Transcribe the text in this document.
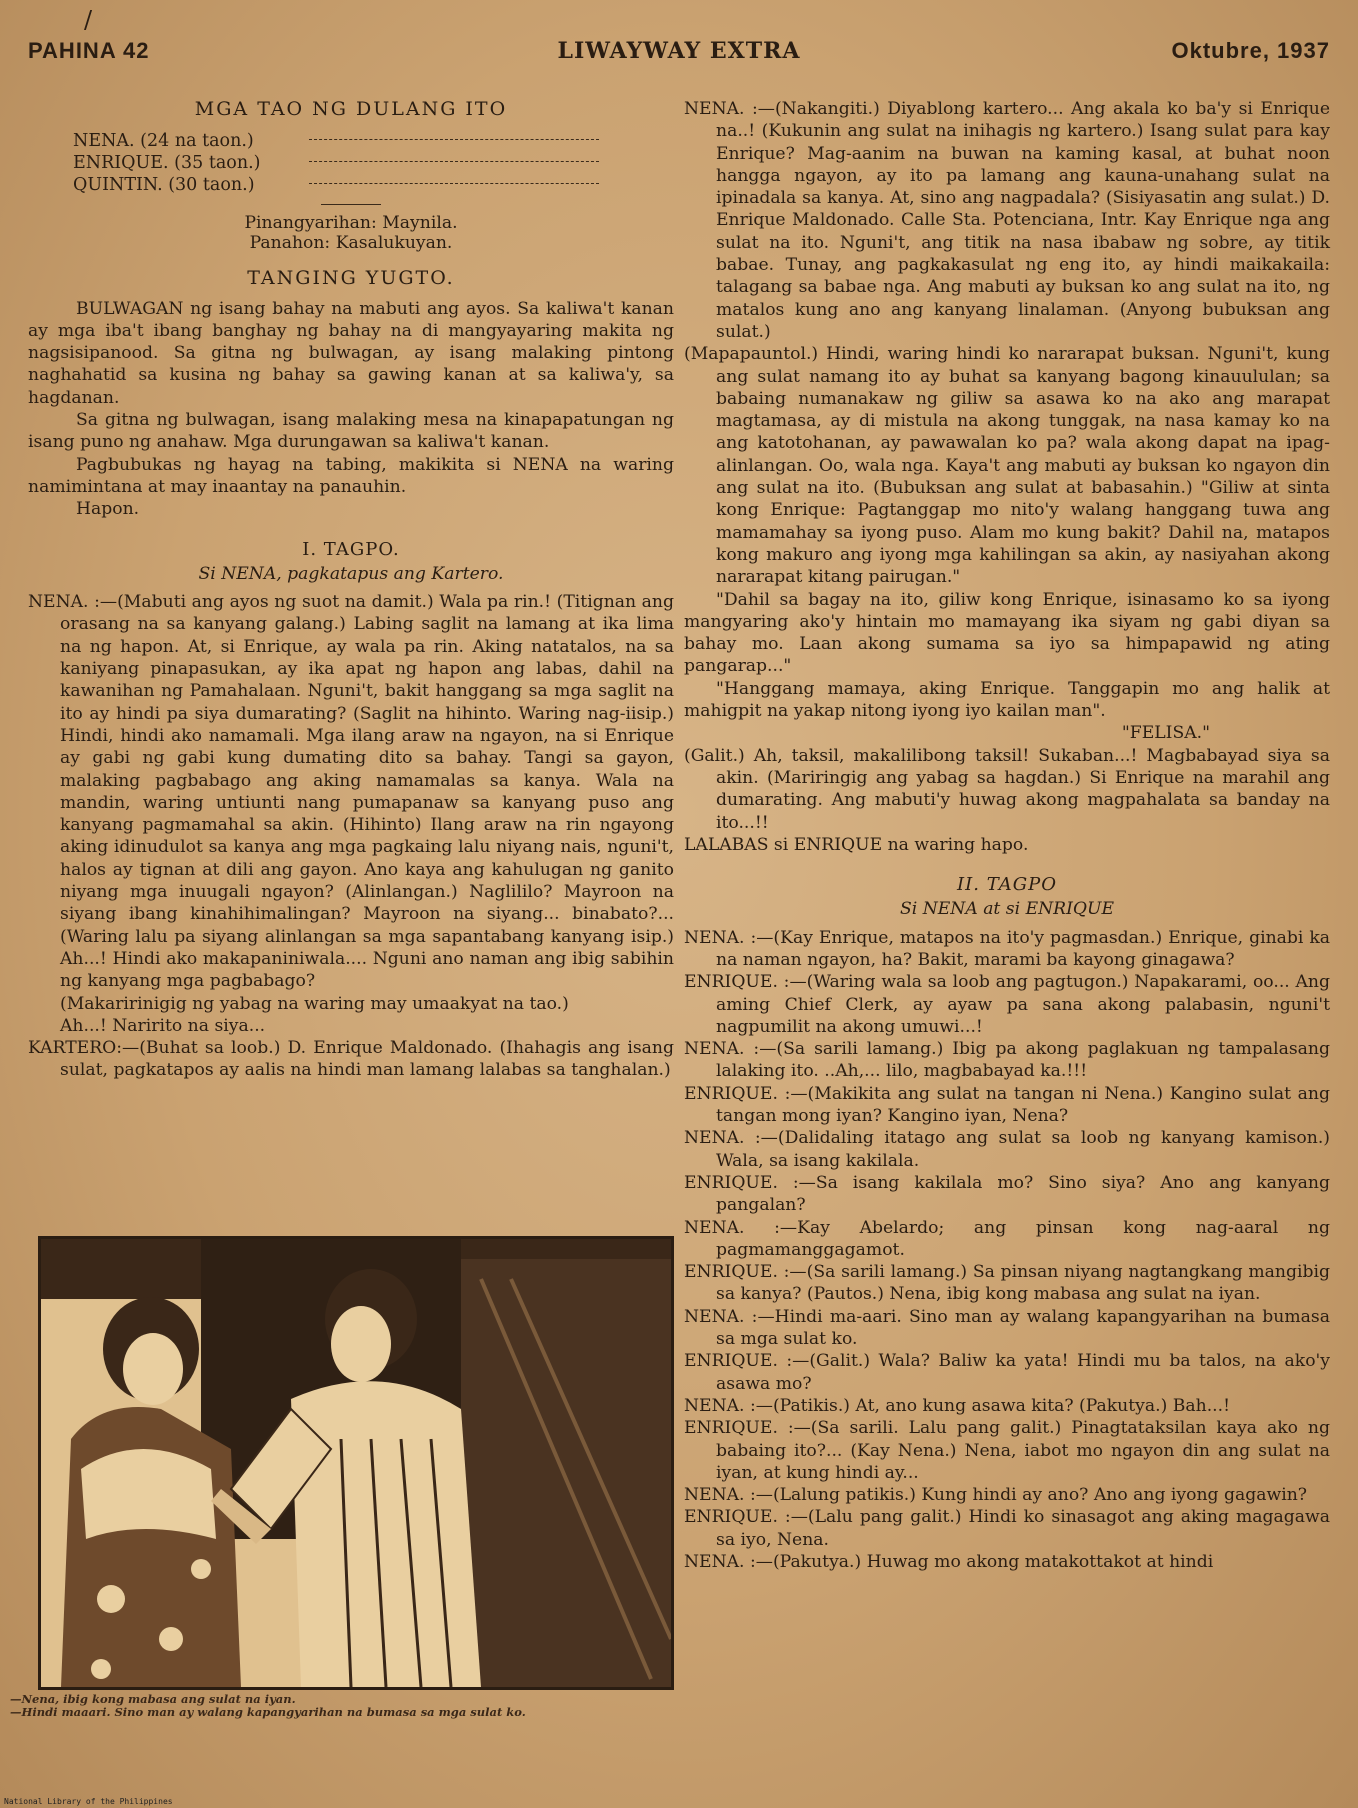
/
PAHINA 42	LIWAYWAY EXTRA	Oktubre, 1937
MGA TAO NG DULANG ITO
NENA. (24 na taon.)
ENRIQUE. (35 taon.)
QUINTIN. (30 taon.)
Pinangyarihan: Maynila.
Panahon: Kasalukuyan.
TANGING YUGTO.

BULWAGAN ng isang bahay na mabuti ang ayos. Sa kaliwa't kanan ay mga iba't ibang banghay ng bahay na di mangyayaring makita ng nagsisipanood. Sa gitna ng bulwagan, ay isang malaking pintong naghahatid sa kusina ng bahay sa gawing kanan at sa kaliwa'y, sa hagdanan.

Sa gitna ng bulwagan, isang malaking mesa na kinapapatungan ng isang puno ng anahaw. Mga durungawan sa kaliwa't kanan.

Pagbubukas ng hayag na tabing, makikita si NENA na waring namimintana at may inaantay na panauhin.

Hapon.

I. TAGPO.
Si NENA, pagkatapus ang Kartero.

NENA. :—(Mabuti ang ayos ng suot na damit.) Wala pa rin.! (Titignan ang orasang na sa kanyang galang.) Labing saglit na lamang at ika lima na ng hapon. At, si Enrique, ay wala pa rin. Aking natatalos, na sa kaniyang pinapasukan, ay ika apat ng hapon ang labas, dahil na kawanihan ng Pamahalaan. Nguni't, bakit hanggang sa mga saglit na ito ay hindi pa siya dumarating? (Saglit na hihinto. Waring nag-iisip.) Hindi, hindi ako namamali. Mga ilang araw na ngayon, na si Enrique ay gabi ng gabi kung dumating dito sa bahay. Tangi sa gayon, malaking pagbabago ang aking namamalas sa kanya. Wala na mandin, waring untiunti nang pumapanaw sa kanyang puso ang kanyang pagmamahal sa akin. (Hihinto) Ilang araw na rin ngayong aking idinudulot sa kanya ang mga pagkaing lalu niyang nais, nguni't, halos ay tignan at dili ang gayon. Ano kaya ang kahulugan ng ganito niyang mga inuugali ngayon? (Alinlangan.) Naglililo? Mayroon na siyang ibang kinahihimalingan? Mayroon na siyang... binabato?... (Waring lalu pa siyang alinlangan sa mga sapantabang kanyang isip.) Ah...! Hindi ako makapaniniwala.... Nguni ano naman ang ibig sabihin ng kanyang mga pagbabago?

(Makaririnigig ng yabag na waring may umaakyat na tao.)

Ah...! Naririto na siya...

KARTERO:—(Buhat sa loob.) D. Enrique Maldonado. (Ihahagis ang isang sulat, pagkatapos ay aalis na hindi man lamang lalabas sa tanghalan.)

—Nena, ibig kong mabasa ang sulat na iyan.
—Hindi maaari. Sino man ay walang kapangyarihan na bumasa sa mga sulat ko.

NENA. :—(Nakangiti.) Diyablong kartero... Ang akala ko ba'y si Enrique na..! (Kukunin ang sulat na inihagis ng kartero.) Isang sulat para kay Enrique? Mag-aanim na buwan na kaming kasal, at buhat noon hangga ngayon, ay ito pa lamang ang kauna-unahang sulat na ipinadala sa kanya. At, sino ang nagpadala? (Sisiyasatin ang sulat.) D. Enrique Maldonado. Calle Sta. Potenciana, Intr. Kay Enrique nga ang sulat na ito. Nguni't, ang titik na nasa ibabaw ng sobre, ay titik babae. Tunay, ang pagkakasulat ng eng ito, ay hindi maikakaila: talagang sa babae nga. Ang mabuti ay buksan ko ang sulat na ito, ng matalos kung ano ang kanyang linalaman. (Anyong bubuksan ang sulat.)

(Mapapauntol.) Hindi, waring hindi ko nararapat buksan. Nguni't, kung ang sulat namang ito ay buhat sa kanyang bagong kinauululan; sa babaing numanakaw ng giliw sa asawa ko na ako ang marapat magtamasa, ay di mistula na akong tunggak, na nasa kamay ko na ang katotohanan, ay pawawalan ko pa? wala akong dapat na ipag-alinlangan. Oo, wala nga. Kaya't ang mabuti ay buksan ko ngayon din ang sulat na ito. (Bubuksan ang sulat at babasahin.) "Giliw at sinta kong Enrique: Pagtanggap mo nito'y walang hanggang tuwa ang mamamahay sa iyong puso. Alam mo kung bakit? Dahil na, matapos kong makuro ang iyong mga kahilingan sa akin, ay nasiyahan akong nararapat kitang pairugan."

"Dahil sa bagay na ito, giliw kong Enrique, isinasamo ko sa iyong mangyaring ako'y hintain mo mamayang ika siyam ng gabi diyan sa bahay mo. Laan akong sumama sa iyo sa himpapawid ng ating pangarap..."

"Hanggang mamaya, aking Enrique. Tanggapin mo ang halik at mahigpit na yakap nitong iyong iyo kailan man".

"FELISA."

(Galit.) Ah, taksil, makalilibong taksil! Sukaban...! Magbabayad siya sa akin. (Mariringig ang yabag sa hagdan.) Si Enrique na marahil ang dumarating. Ang mabuti'y huwag akong magpahalata sa banday na ito...!!

LALABAS si ENRIQUE na waring hapo.

II. TAGPO
Si NENA at si ENRIQUE

NENA. :—(Kay Enrique, matapos na ito'y pagmasdan.) Enrique, ginabi ka na naman ngayon, ha? Bakit, marami ba kayong ginagawa?

ENRIQUE. :—(Waring wala sa loob ang pagtugon.) Napakarami, oo... Ang aming Chief Clerk, ay ayaw pa sana akong palabasin, nguni't nagpumilit na akong umuwi...!

NENA. :—(Sa sarili lamang.) Ibig pa akong paglakuan ng tampalasang lalaking ito. ..Ah,... lilo, magbabayad ka.!!!

ENRIQUE. :—(Makikita ang sulat na tangan ni Nena.) Kangino sulat ang tangan mong iyan? Kangino iyan, Nena?

NENA. :—(Dalidaling itatago ang sulat sa loob ng kanyang kamison.) Wala, sa isang kakilala.

ENRIQUE. :—Sa isang kakilala mo? Sino siya? Ano ang kanyang pangalan?

NENA. :—Kay Abelardo; ang pinsan kong nag-aaral ng pagmamanggagamot.

ENRIQUE. :—(Sa sarili lamang.) Sa pinsan niyang nagtangkang mangibig sa kanya? (Pautos.) Nena, ibig kong mabasa ang sulat na iyan.

NENA. :—Hindi ma-aari. Sino man ay walang kapangyarihan na bumasa sa mga sulat ko.

ENRIQUE. :—(Galit.) Wala? Baliw ka yata! Hindi mu ba talos, na ako'y asawa mo?

NENA. :—(Patikis.) At, ano kung asawa kita? (Pakutya.) Bah...!

ENRIQUE. :—(Sa sarili. Lalu pang galit.) Pinagtataksilan kaya ako ng babaing ito?... (Kay Nena.) Nena, iabot mo ngayon din ang sulat na iyan, at kung hindi ay...

NENA. :—(Lalung patikis.) Kung hindi ay ano? Ano ang iyong gagawin?

ENRIQUE. :—(Lalu pang galit.) Hindi ko sinasagot ang aking magagawa sa iyo, Nena.

NENA. :—(Pakutya.) Huwag mo akong matakottakot at hindi

National Library of the Philippines
